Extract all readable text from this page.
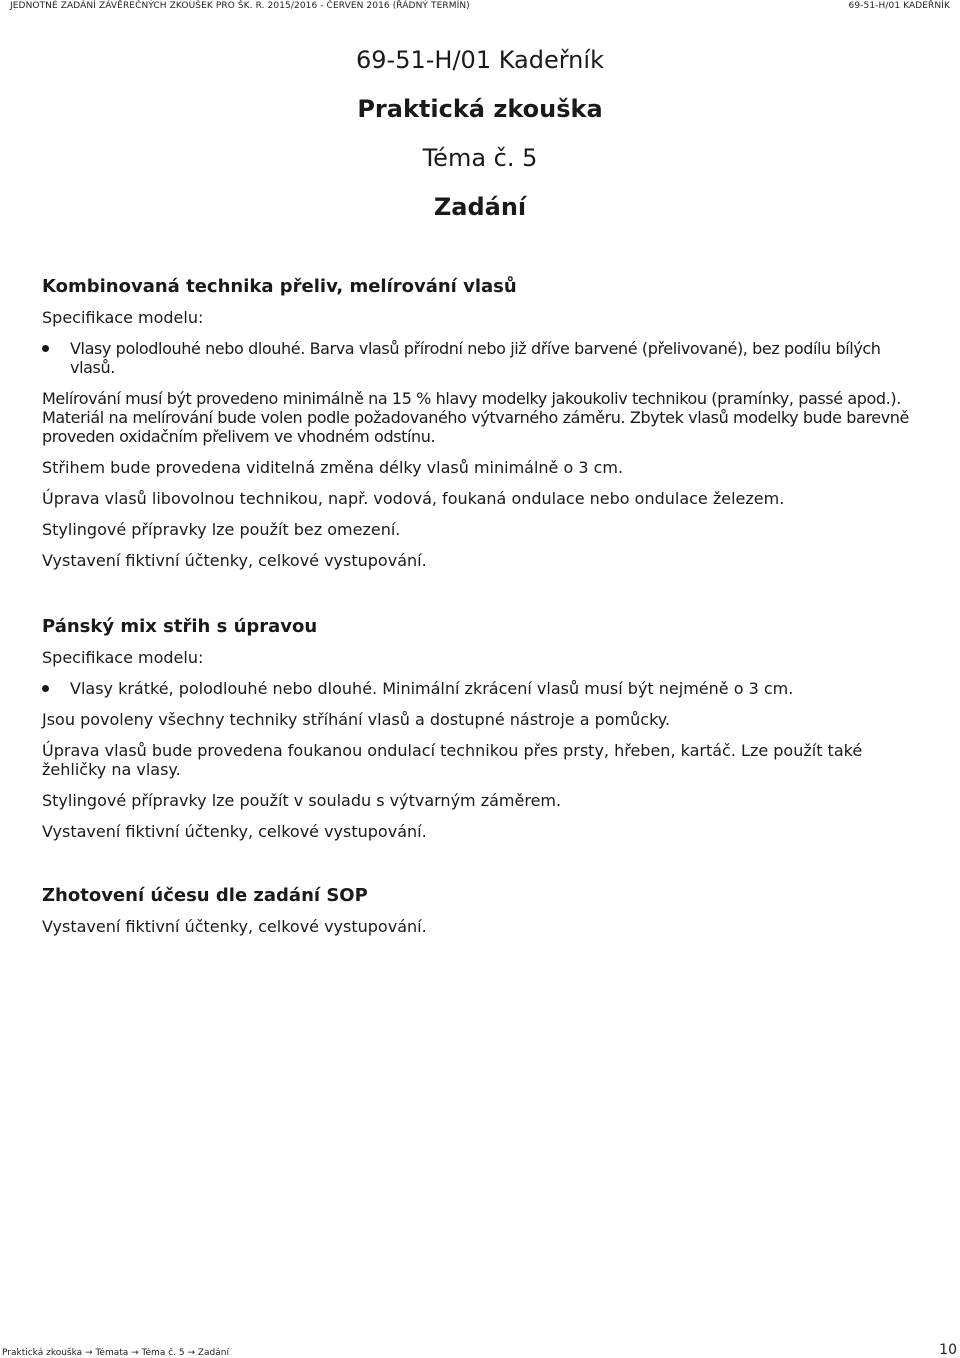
JEDNOTNÉ ZADÁNÍ ZÁVĚREČNÝCH ZKOUŠEK PRO ŠK. R. 2015/2016 - ČERVEN 2016 (ŘÁDNÝ TERMÍN)	69-51-H/01 KADEŘNÍK
69-51-H/01 Kadeřník
Praktická zkouška
Téma č. 5
Zadání
Kombinovaná technika přeliv, melírování vlasů

Specifikace modelu:

Vlasy polodlouhé nebo dlouhé. Barva vlasů přírodní nebo již dříve barvené (přelivované), bez podílu bílých vlasů.

Melírování musí být provedeno minimálně na 15 % hlavy modelky jakoukoliv technikou (pramínky, passé apod.). Materiál na melírování bude volen podle požadovaného výtvarného záměru. Zbytek vlasů modelky bude barevně proveden oxidačním přelivem ve vhodném odstínu.

Střihem bude provedena viditelná změna délky vlasů minimálně o 3 cm.

Úprava vlasů libovolnou technikou, např. vodová, foukaná ondulace nebo ondulace železem.

Stylingové přípravky lze použít bez omezení.

Vystavení fiktivní účtenky, celkové vystupování.

Pánský mix střih s úpravou

Specifikace modelu:

Vlasy krátké, polodlouhé nebo dlouhé. Minimální zkrácení vlasů musí být nejméně o 3 cm.

Jsou povoleny všechny techniky stříhání vlasů a dostupné nástroje a pomůcky.

Úprava vlasů bude provedena foukanou ondulací technikou přes prsty, hřeben, kartáč. Lze použít také žehličky na vlasy.

Stylingové přípravky lze použít v souladu s výtvarným záměrem.

Vystavení fiktivní účtenky, celkové vystupování.

Zhotovení účesu dle zadání SOP

Vystavení fiktivní účtenky, celkové vystupování.

Praktická zkouška → Témata → Téma č. 5 → Zadání	10
